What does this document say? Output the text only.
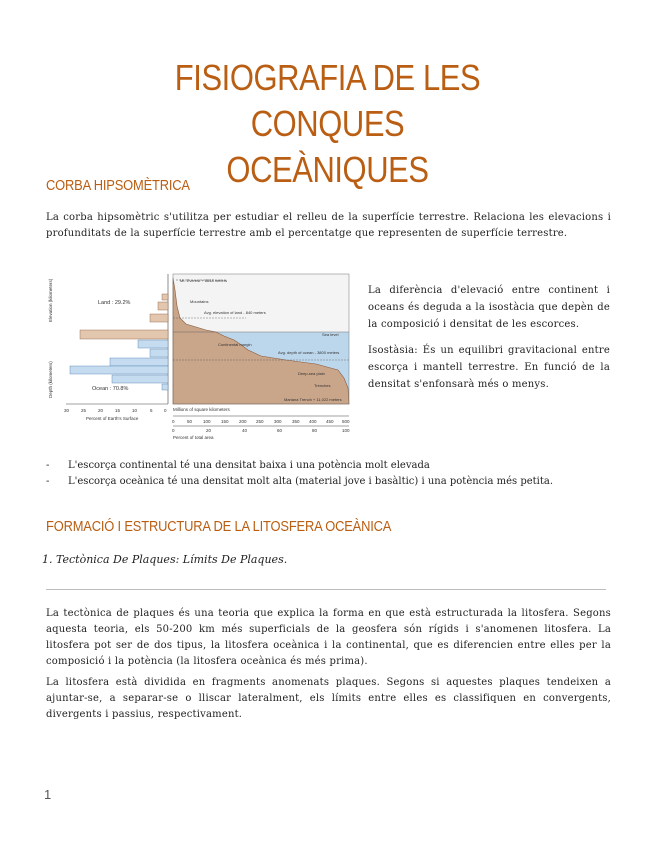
FISIOGRAFIA DE LES CONQUES
OCEÀNIQUES
CORBA HIPSOMÈTRICA
La corba hipsomètric s'utilitza per estudiar el relleu de la superfície terrestre. Relaciona les elevacions i profunditats de la superfície terrestre amb el percentatge que representen de superfície terrestre.
Land : 29.2%
Ocean : 70.8%
Mt. Everest + 8848 meters
Mountains
Avg. elevation of land - 840 meters
Sea level
Continental margin
Avg. depth of ocean - 3800 meters
Deep-sea plain
Trenches
Mariana Trench + 11,022 meters
Elevation (kilometers)
Depth (kilometers)
30	25	20	15	10	5	0
Percent of Earth's Surface
Millions of square kilometers
0	50 100 150 200 250 300 350 400 450 500
0	20	40	60	80	100
Percent of total area
La diferència d'elevació entre continent i oceans és deguda a la isostàcia que depèn de la composició i densitat de les escorces.
Isostàsia: És un equilibri gravitacional entre escorça i mantell terrestre. En funció de la densitat s'enfonsarà més o menys.
- L'escorça continental té una densitat baixa i una potència molt elevada
- L'escorça oceànica té una densitat molt alta (material jove i basàltic) i una potència més petita.
FORMACIÓ I ESTRUCTURA DE LA LITOSFERA OCEÀNICA
1. Tectònica De Plaques: Límits De Plaques.
La tectònica de plaques és una teoria que explica la forma en que està estructurada la litosfera. Segons aquesta teoria, els 50-200 km més superficials de la geosfera són rígids i s'anomenen litosfera. La litosfera pot ser de dos tipus, la litosfera oceànica i la continental, que es diferencien entre elles per la composició i la potència (la litosfera oceànica és més prima).
La litosfera està dividida en fragments anomenats plaques. Segons si aquestes plaques tendeixen a ajuntar-se, a separar-se o lliscar lateralment, els límits entre elles es classifiquen en convergents, divergents i passius, respectivament.
1
